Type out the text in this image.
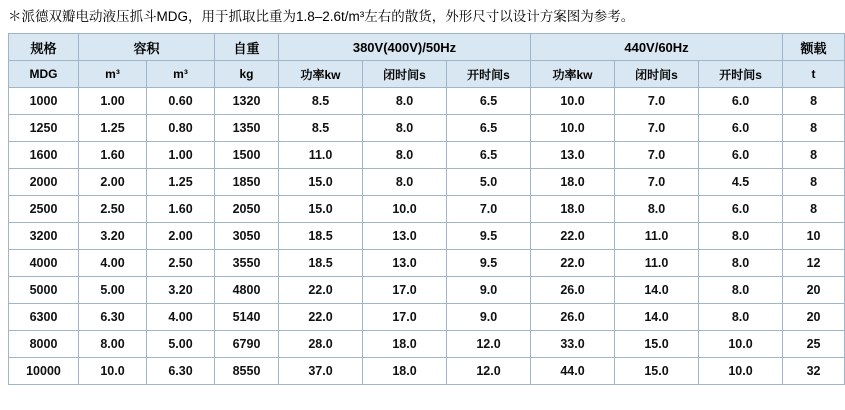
＊派德双瓣电动液压抓斗MDG，用于抓取比重为1.8–2.6t/m³左右的散货，外形尺寸以设计方案图为参考。
规格	容积		自重	380V(400V)/50Hz			440V/60Hz			额载
MDG	m³	m³	kg	功率kw	闭时间s	开时间s	功率kw	闭时间s	开时间s	t
1000	1.00	0.60	1320	8.5	8.0	6.5	10.0	7.0	6.0	8
1250	1.25	0.80	1350	8.5	8.0	6.5	10.0	7.0	6.0	8
1600	1.60	1.00	1500	11.0	8.0	6.5	13.0	7.0	6.0	8
2000	2.00	1.25	1850	15.0	8.0	5.0	18.0	7.0	4.5	8
2500	2.50	1.60	2050	15.0	10.0	7.0	18.0	8.0	6.0	8
3200	3.20	2.00	3050	18.5	13.0	9.5	22.0	11.0	8.0	10
4000	4.00	2.50	3550	18.5	13.0	9.5	22.0	11.0	8.0	12
5000	5.00	3.20	4800	22.0	17.0	9.0	26.0	14.0	8.0	20
6300	6.30	4.00	5140	22.0	17.0	9.0	26.0	14.0	8.0	20
8000	8.00	5.00	6790	28.0	18.0	12.0	33.0	15.0	10.0	25
10000	10.0	6.30	8550	37.0	18.0	12.0	44.0	15.0	10.0	32
